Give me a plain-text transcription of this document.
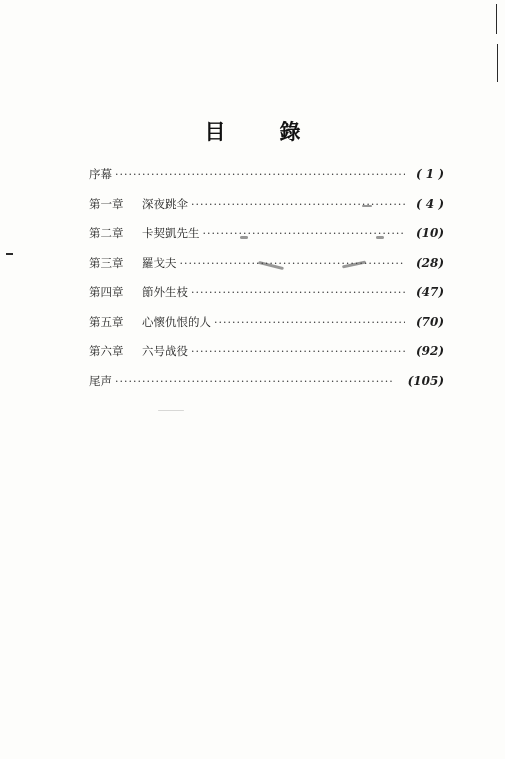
目	錄
序幕 ·····	( 1 )
第一章	深夜跳伞 ·····	( 4 )
第二章	卡契凱先生 ·····	(10)
第三章	羅戈夫 ·····	(28)
第四章	節外生枝 ·····	(47)
第五章	心懷仇恨的人 ·····	(70)
第六章	六号战役 ·····	(92)
尾声 ·····	(105)
